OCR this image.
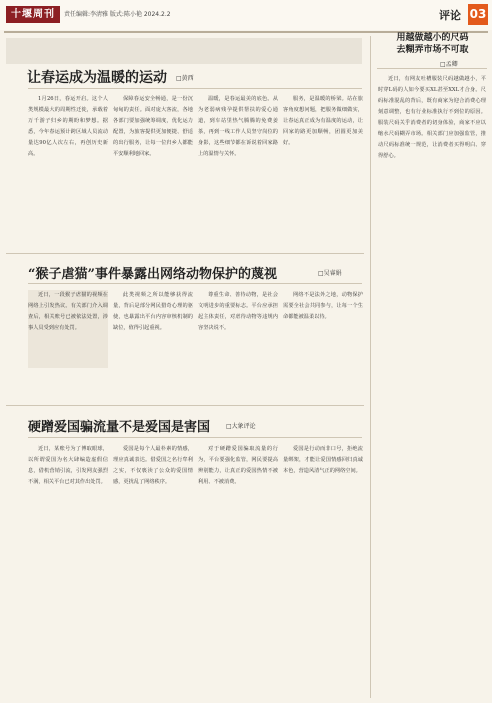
十堰周刊	责任编辑:李淸雅 版式:陈小艳 2024.2.2	评论 03
让春运成为温暖的运动 □黄西

1月26日，春运开启。这个人类规模最大的周期性迁徙，承载着万千游子归乡的期盼和梦想。据悉，今年春运预计跨区域人员流动量达90亿人次左右，再创历史新高。

保障春运安全畅通，是一份沉甸甸的责任。面对庞大客流，各地各部门要加强统筹调度，优化运力配置，为旅客提供更加便捷、舒适的出行服务，让每一位归乡人都能平安顺利地回家。

温暖，是春运最美的底色。从为老弱病残孕提供帮扶的爱心通道，到车站里热气腾腾的免费姜茶，再到一线工作人员坚守岗位的身影，这些细节都在诉说着回家路上的温情与关怀。

服务，是温暖的桥梁。站在旅客角度想问题，把服务做细做实，让春运真正成为有温度的运动，让回家的路更加顺畅，团圆更加美好。

“猴子虐猫”事件暴露出网络动物保护的蔑视	□吴睿娟

近日，一段猴子虐猫的视频在网络上引发热议。有关部门介入调查后，相关账号已被依法处置，涉事人员受到应有处罚。

此类视频之所以能够获得流量，背后是部分网民猎奇心理的驱使，也暴露出平台内容审核机制的缺位，值得引起重视。

尊重生命、善待动物，是社会文明进步的重要标志。平台应承担起主体责任，对虐待动物等违规内容坚决说不。

网络不是法外之地，动物保护需要全社会共同参与，让每一个生命都能被温柔以待。

硬蹭爱国骗流量不是爱国是害国	□大象评论

近日，某账号为了博取眼球，以所谓爱国为名大肆编造虚假信息，借机营销引流，引发网友强烈不满，相关平台已对其作出处罚。

爱国是每个人最朴素的情感，理应真诚表达。借爱国之名行牟利之实，不仅亵渎了公众的爱国情感，更扰乱了网络秩序。

对于硬蹭爱国骗取流量的行为，平台要强化监管，网民要提高辨别能力，让真正的爱国热情不被利用、不被消费。

爱国是行动而非口号，拒绝流量绑架，才能让爱国情感回归真诚本色，营造风清气正的网络空间。

用越做越小的尺码
去糊弄市场不可取
□孟卿

近日，有网友吐槽服装尺码越做越小，平时穿L码的人如今要买XL甚至XXL才合身。尺码标准混乱的背后，既有商家为迎合消费心理刻意调整，也有行业标准执行不到位的原因。服装尺码关乎消费者的切身体验，商家不应以缩水尺码糊弄市场。相关部门应加强监管，推动尺码标准统一规范，让消费者买得明白、穿得舒心。
